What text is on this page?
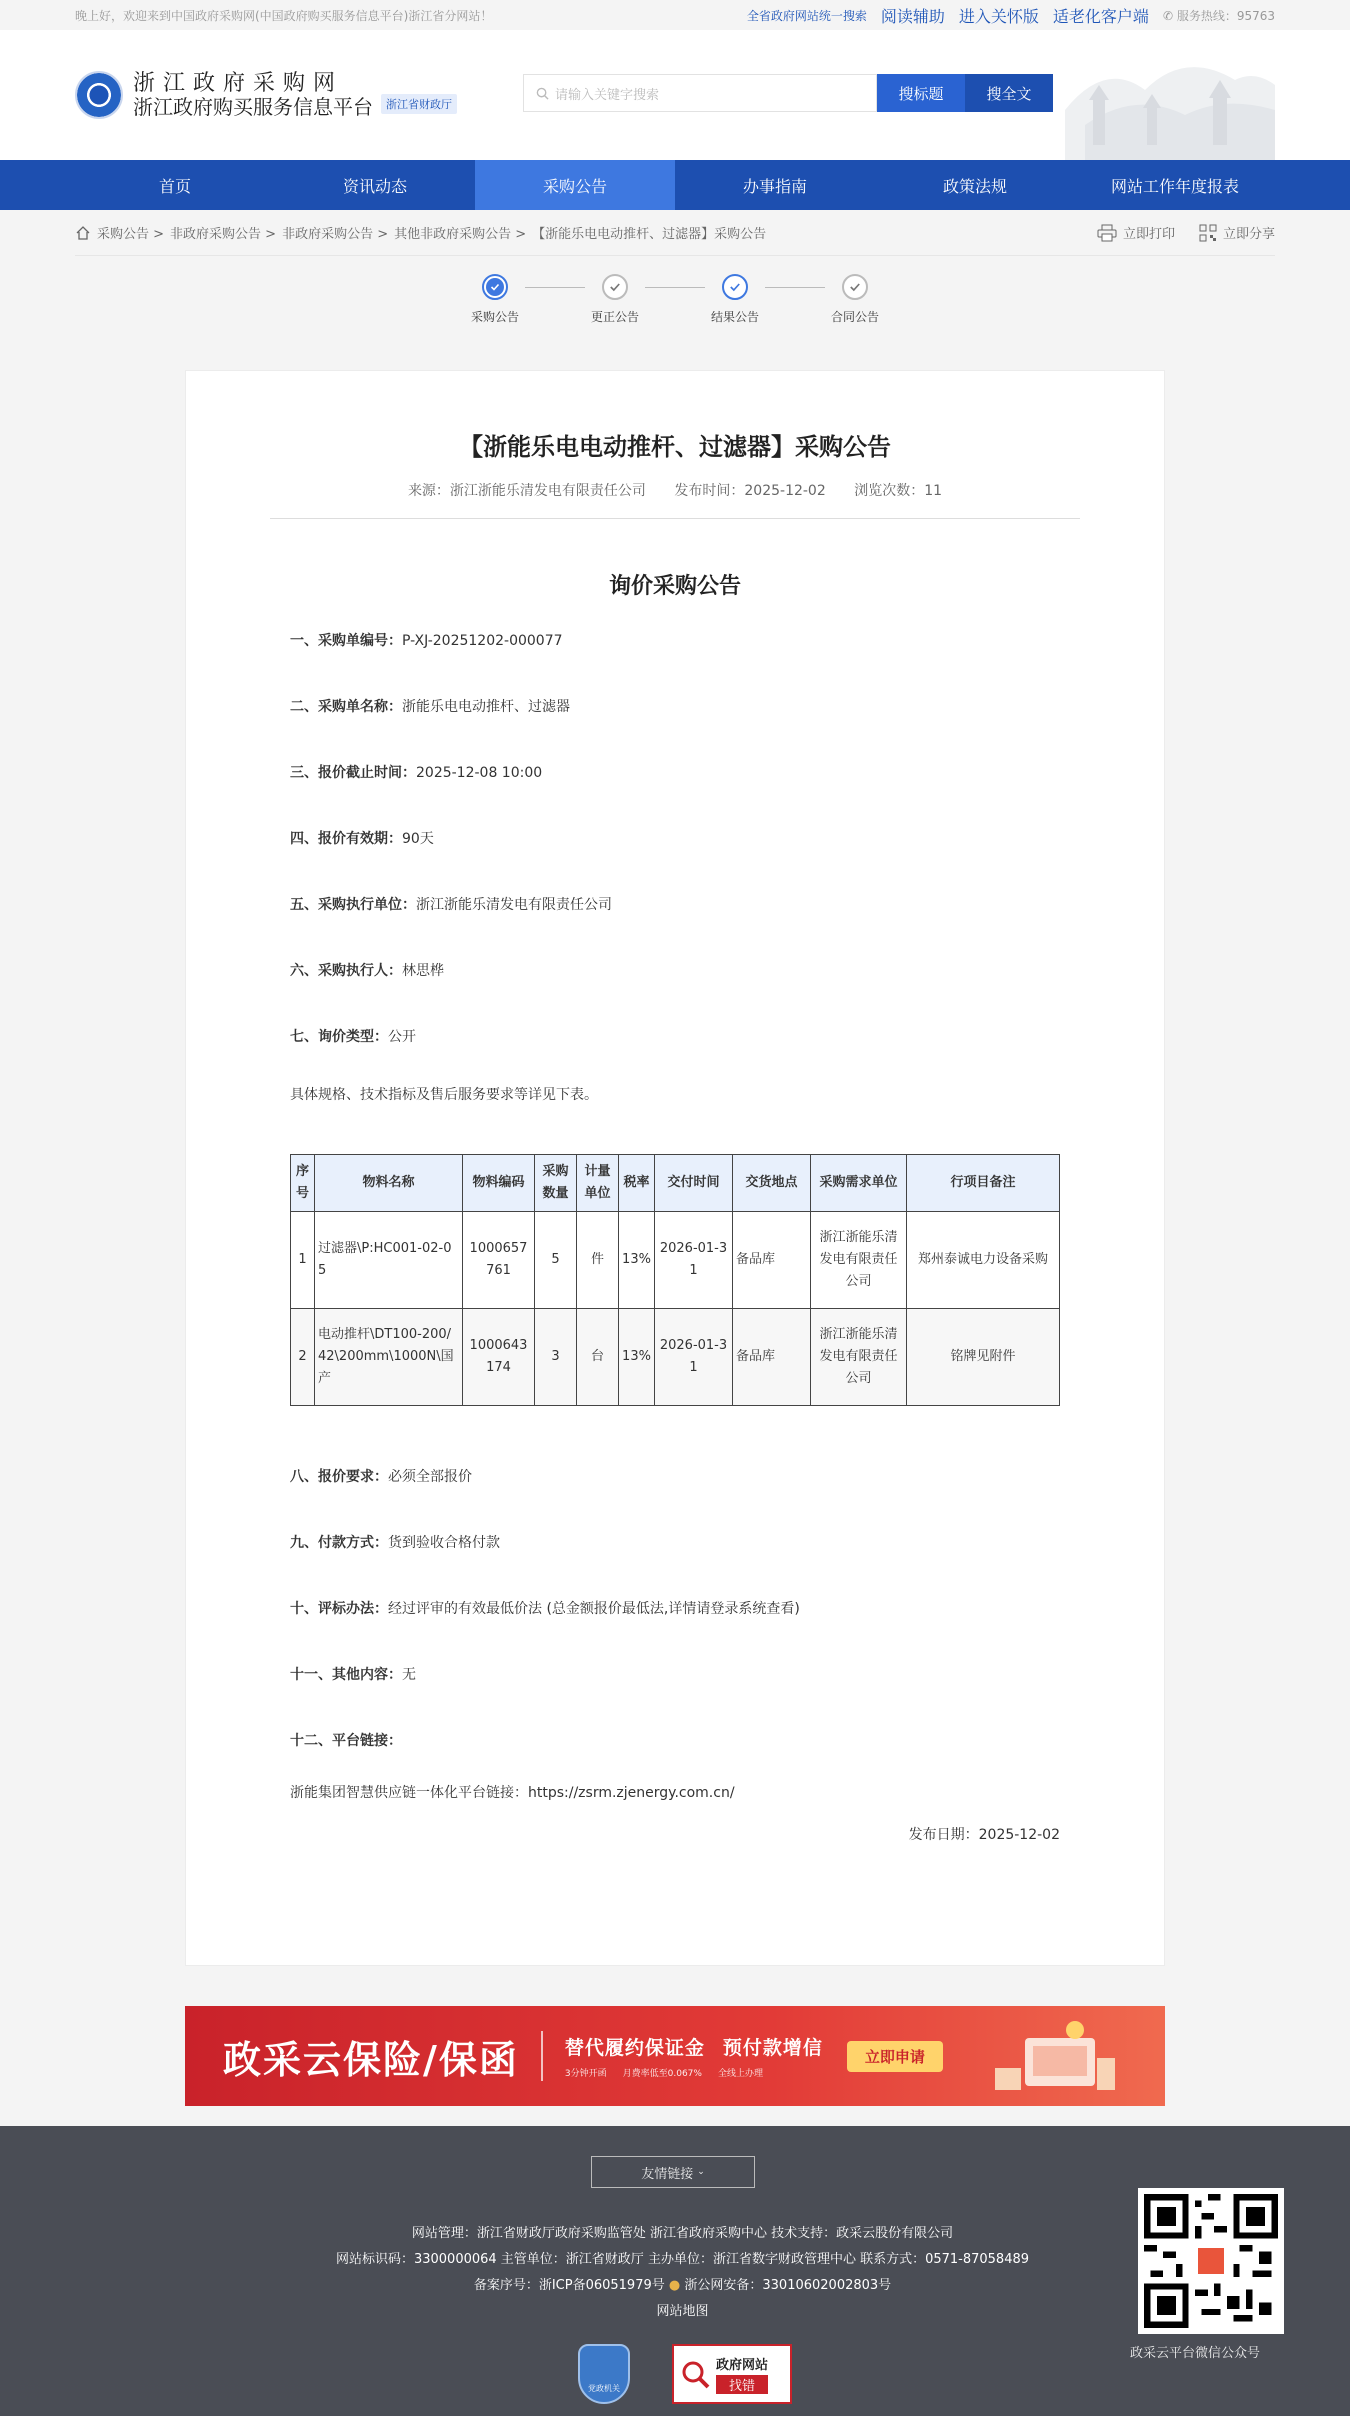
晚上好，欢迎来到中国政府采购网(中国政府购买服务信息平台)浙江省分网站！	全省政府网站统一搜索 阅读辅助 进入关怀版 适老化客户端 ✆ 服务热线：95763
浙江政府采购网
浙江政府购买服务信息平台	浙江省财政厅
请输入关键字搜索	搜标题	搜全文
首页	资讯动态	采购公告	办事指南	政策法规	网站工作年度报表
采购公告 > 非政府采购公告 > 非政府采购公告 > 其他非政府采购公告 > 【浙能乐电电动推杆、过滤器】采购公告	立即打印	立即分享
采购公告	更正公告	结果公告	合同公告
【浙能乐电电动推杆、过滤器】采购公告
来源：浙江浙能乐清发电有限责任公司 发布时间：2025-12-02 浏览次数：11
询价采购公告
一、采购单编号：P-XJ-20251202-000077
二、采购单名称：浙能乐电电动推杆、过滤器
三、报价截止时间：2025-12-08 10:00
四、报价有效期：90天
五、采购执行单位：浙江浙能乐清发电有限责任公司
六、采购执行人：林思桦
七、询价类型：公开
具体规格、技术指标及售后服务要求等详见下表。
序号	物料名称	物料编码	采购数量	计量单位	税率	交付时间	交货地点	采购需求单位	行项目备注
1	过滤器\P:HC001-02-05	1000657761	5	件	13%	2026-01-31	备品库	浙江浙能乐清发电有限责任公司	郑州泰诚电力设备采购
2	电动推杆\DT100-200/42\200mm\1000N\国产	1000643174	3	台	13%	2026-01-31	备品库	浙江浙能乐清发电有限责任公司	铭牌见附件
八、报价要求：必须全部报价
九、付款方式：货到验收合格付款
十、评标办法：经过评审的有效最低价法 (总金额报价最低法,详情请登录系统查看)
十一、其他内容：无
十二、平台链接：
浙能集团智慧供应链一体化平台链接：https://zsrm.zjenergy.com.cn/
发布日期：2025-12-02
政采云保险/保函 替代履约保证金 预付款增信
3分钟开函 月费率低至0.067% 全线上办理
立即申请
友情链接 ⌄
网站管理：浙江省财政厅政府采购监管处 浙江省政府采购中心 技术支持：政采云股份有限公司
网站标识码：3300000064 主管单位：浙江省财政厅 主办单位：浙江省数字财政管理中心 联系方式：0571-87058489
备案序号：浙ICP备06051979号 ● 浙公网安备：33010602002803号
网站地图
党政机关
政府网站
找错
政采云平台微信公众号
